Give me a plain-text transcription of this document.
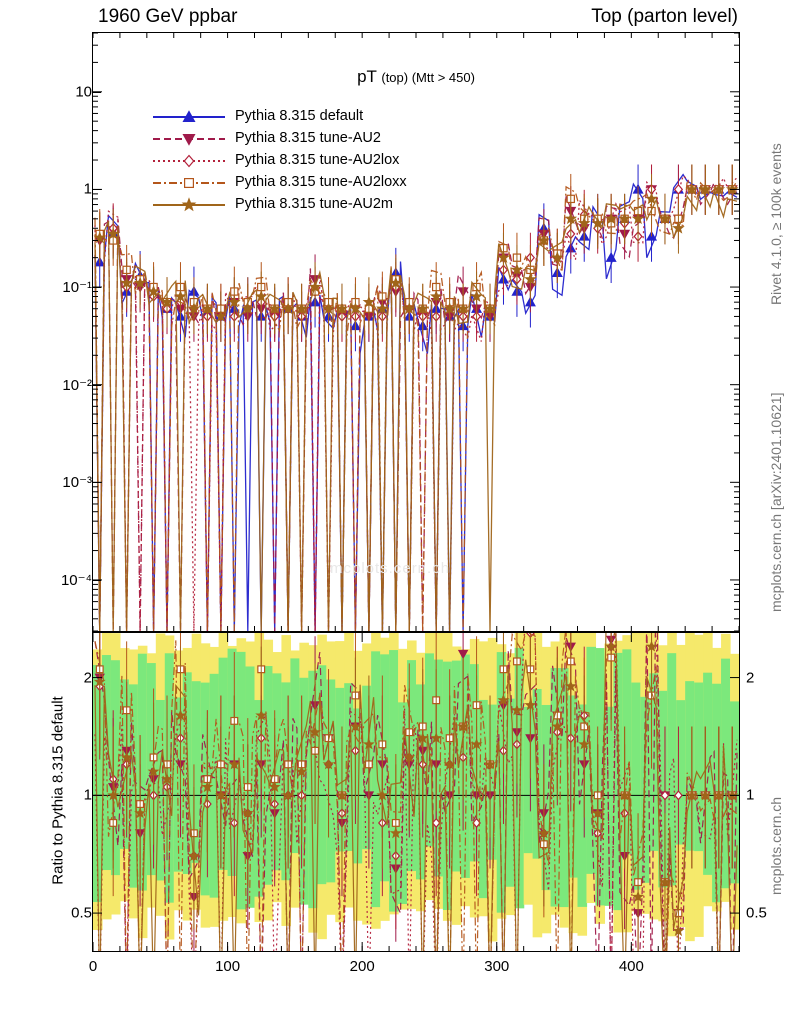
1960 GeV ppbar	Top (parton level)
Rivet 4.1.0, ≥ 100k events
mcplots.cern.ch [arXiv:2401.10621]
mcplots.cern.ch
pT (top) (Mtt > 450)
Pythia 8.315 default
Pythia 8.315 tune-AU2
Pythia 8.315 tune-AU2lox
Pythia 8.315 tune-AU2loxx
Pythia 8.315 tune-AU2m
10
1
10⁻¹
10⁻²
10⁻³
10⁻⁴
Ratio to Pythia 8.315 default
2
1
0.5
2
1
0.5
0	100	200	300	400
mcplots.cern.ch
